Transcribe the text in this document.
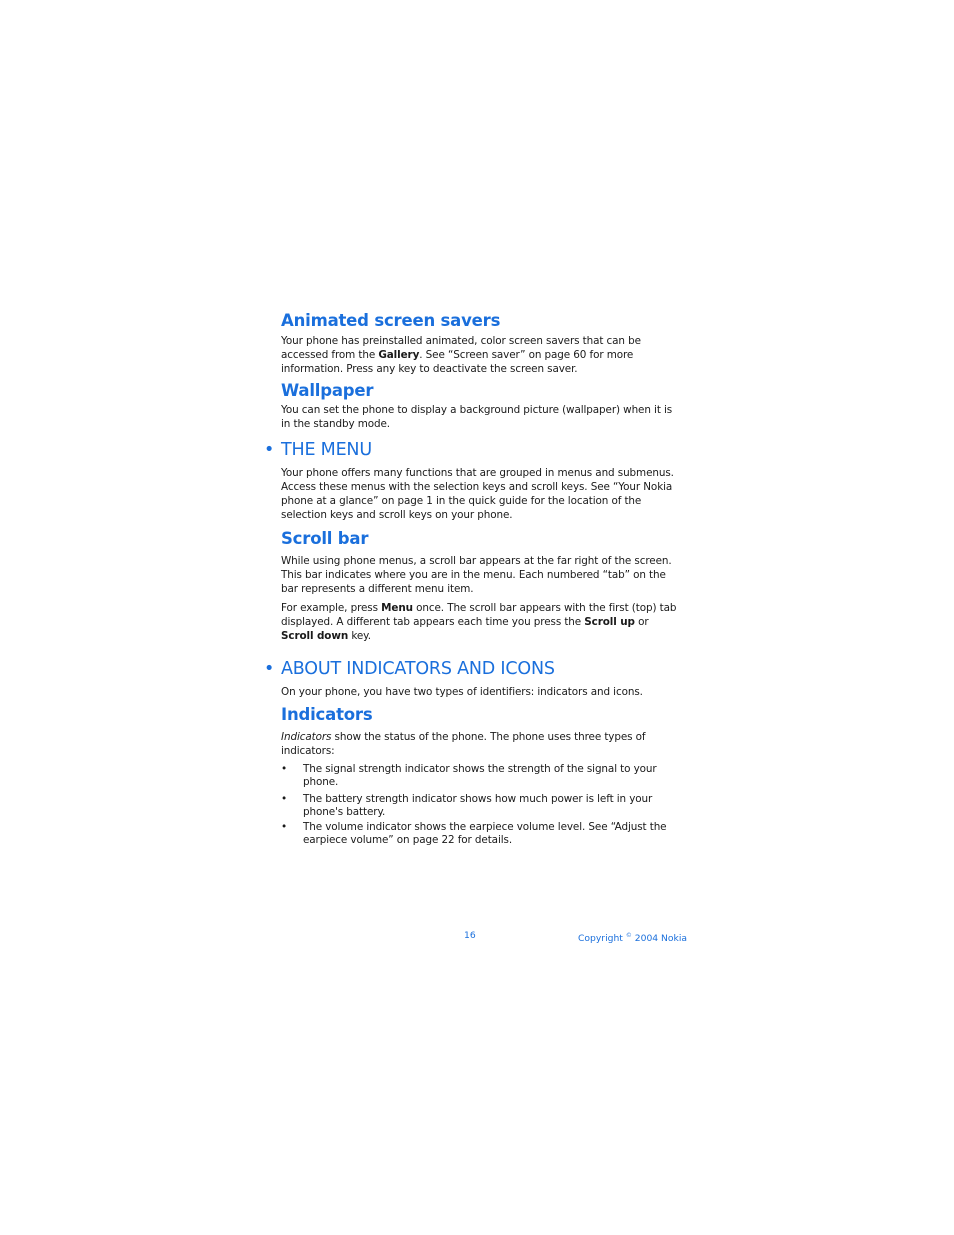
Animated screen savers

Your phone has preinstalled animated, color screen savers that can be accessed from the Gallery. See “Screen saver” on page 60 for more information. Press any key to deactivate the screen saver.

Wallpaper

You can set the phone to display a background picture (wallpaper) when it is in the standby mode.

• THE MENU

Your phone offers many functions that are grouped in menus and submenus. Access these menus with the selection keys and scroll keys. See “Your Nokia phone at a glance” on page 1 in the quick guide for the location of the selection keys and scroll keys on your phone.

Scroll bar

While using phone menus, a scroll bar appears at the far right of the screen. This bar indicates where you are in the menu. Each numbered “tab” on the bar represents a different menu item.

For example, press Menu once. The scroll bar appears with the first (top) tab displayed. A different tab appears each time you press the Scroll up or Scroll down key.

• ABOUT INDICATORS AND ICONS

On your phone, you have two types of identifiers: indicators and icons.

Indicators

Indicators show the status of the phone. The phone uses three types of indicators:

• The signal strength indicator shows the strength of the signal to your phone.
• The battery strength indicator shows how much power is left in your phone's battery.
• The volume indicator shows the earpiece volume level. See “Adjust the earpiece volume” on page 22 for details.
16	Copyright © 2004 Nokia
